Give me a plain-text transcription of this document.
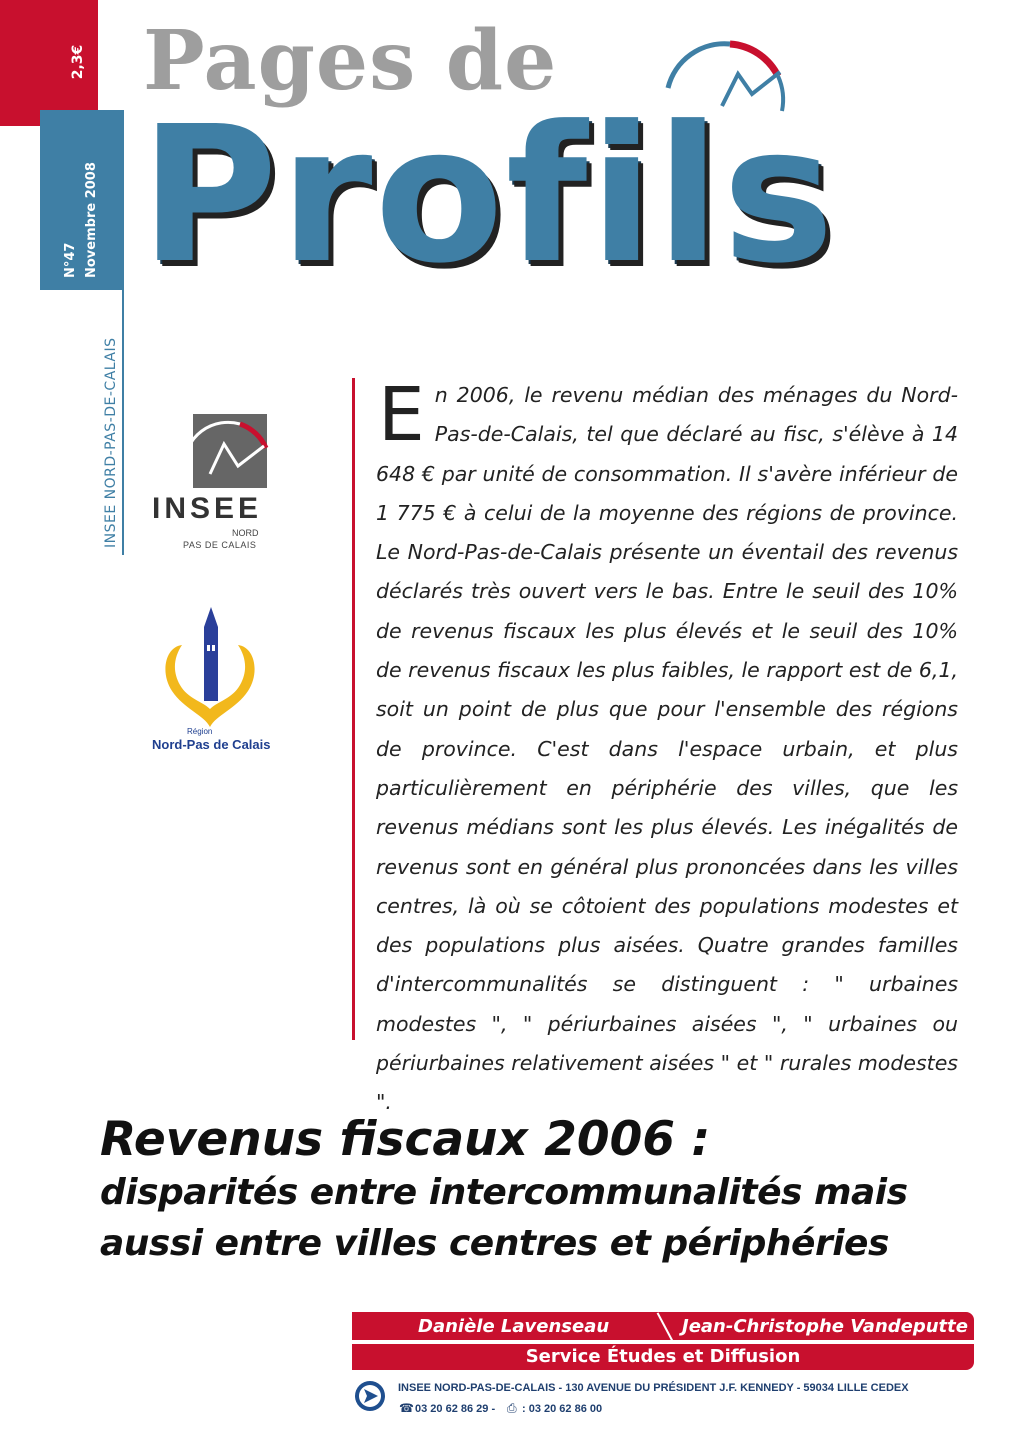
2,3€
N°47 Novembre 2008
INSEE NORD-PAS-DE-CALAIS
Pages de
Profils
INSEE
NORD
PAS DE CALAIS
Région
Nord-Pas de Calais
En 2006, le revenu médian des ménages du Nord-Pas-de-Calais, tel que déclaré au fisc, s'élève à 14 648 € par unité de consommation. Il s'avère inférieur de 1 775 € à celui de la moyenne des régions de province. Le Nord-Pas-de-Calais présente un éventail des revenus déclarés très ouvert vers le bas. Entre le seuil des 10% de revenus fiscaux les plus élevés et le seuil des 10% de revenus fiscaux les plus faibles, le rapport est de 6,1, soit un point de plus que pour l'ensemble des régions de province. C'est dans l'espace urbain, et plus particulièrement en périphérie des villes, que les revenus médians sont les plus élevés. Les inégalités de revenus sont en général plus prononcées dans les villes centres, là où se côtoient des populations modestes et des populations plus aisées. Quatre grandes familles d'intercommunalités se distinguent : " urbaines modestes ", " périurbaines aisées ", " urbaines ou périurbaines relativement aisées " et " rurales modestes ".
Revenus fiscaux 2006 :
disparités entre intercommunalités mais
aussi entre villes centres et périphéries
Danièle Lavenseau	Jean-Christophe Vandeputte
Service Études et Diffusion
INSEE NORD-PAS-DE-CALAIS - 130 AVENUE DU PRÉSIDENT J.F. KENNEDY - 59034 LILLE CEDEX
☎ 03 20 62 86 29 - ⎙ : 03 20 62 86 00
